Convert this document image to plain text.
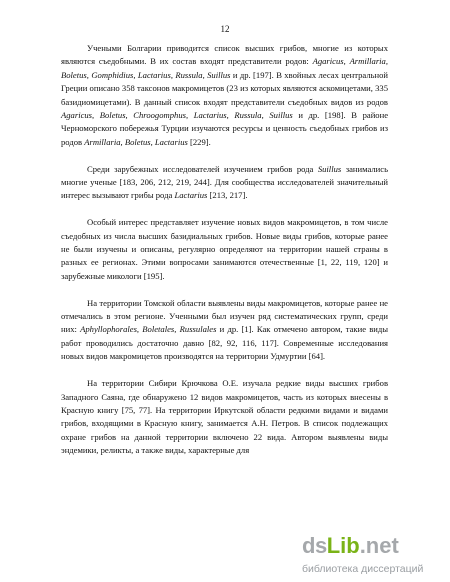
12

Учеными Болгарии приводится список высших грибов, многие из которых являются съедобными. В их состав входят представители родов: Agaricus, Armillaria, Boletus, Gomphidius, Lactarius, Russula, Suillus и др. [197]. В хвойных лесах центральной Греции описано 358 таксонов макромицетов (23 из которых являются аскомицетами, 335 базидиомицетами). В данный список входят представители съедобных видов из родов Agaricus, Boletus, Chroogomphus, Lactarius, Russula, Suillus и др. [198]. В районе Черноморского побережья Турции изучаются ресурсы и ценность съедобных грибов из родов Armillaria, Boletus, Lactarius [229].

Среди зарубежных исследователей изучением грибов рода Suillus занимались многие ученые [183, 206, 212, 219, 244]. Для сообщества исследователей значительный интерес вызывают грибы рода Lactarius [213, 217].

Особый интерес представляет изучение новых видов макромицетов, в том числе съедобных из числа высших базидиальных грибов. Новые виды грибов, которые ранее не были изучены и описаны, регулярно определяют на территории нашей страны в разных ее регионах. Этими вопросами занимаются отечественные [1, 22, 119, 120] и зарубежные микологи [195].

На территории Томской области выявлены виды макромицетов, которые ранее не отмечались в этом регионе. Ученными был изучен ряд систематических групп, среди них: Aphyllophorales, Boletales, Russulales и др. [1]. Как отмечено автором, такие виды работ проводились достаточно давно [82, 92, 116, 117]. Современные исследования новых видов макромицетов производятся на территории Удмуртии [64].

На территории Сибири Крючкова О.Е. изучала редкие виды высших грибов Западного Саяна, где обнаружено 12 видов макромицетов, часть из которых внесены в Красную книгу [75, 77]. На территории Иркутской области редкими видами и видами грибов, входящими в Красную книгу, занимается А.Н. Петров. В список подлежащих охране грибов на данной территории включено 22 вида. Автором выявлены виды эндемики, реликты, а также виды, характерные для

dsLib.net
библиотека диссертаций
